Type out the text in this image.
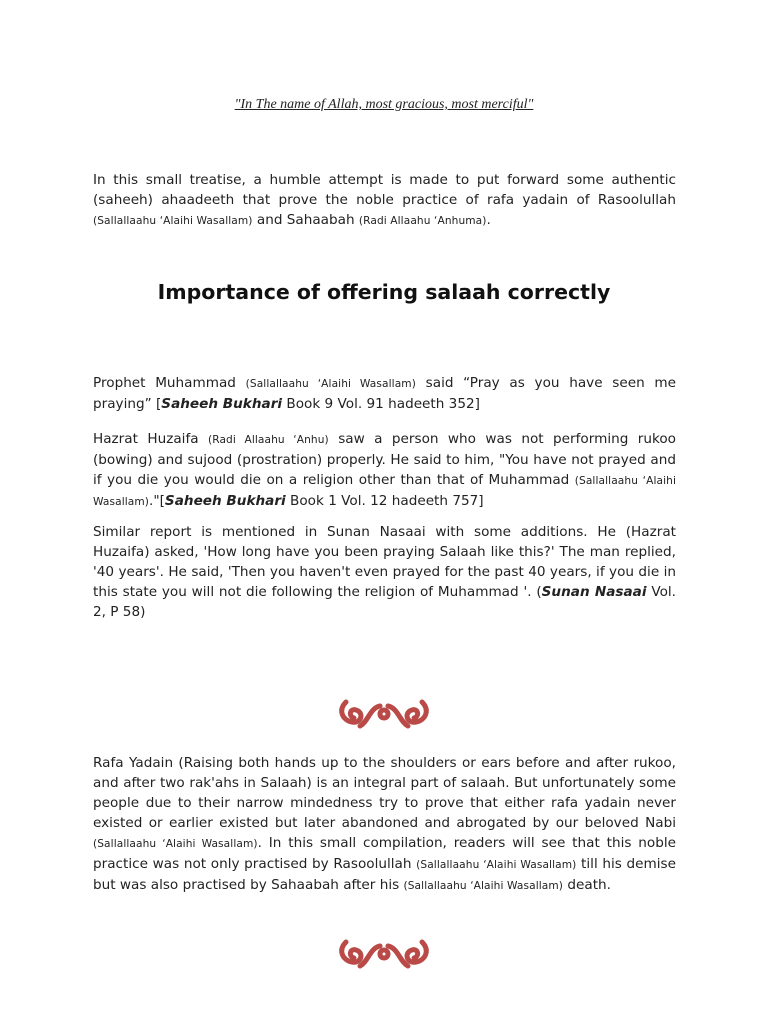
"In The name of Allah, most gracious, most merciful"

In this small treatise, a humble attempt is made to put forward some authentic (saheeh) ahaadeeth that prove the noble practice of rafa yadain of Rasoolullah (Sallallaahu ‘Alaihi Wasallam) and Sahaabah (Radi Allaahu ‘Anhuma).

Importance of offering salaah correctly

Prophet Muhammad (Sallallaahu ‘Alaihi Wasallam) said “Pray as you have seen me praying” [Saheeh Bukhari Book 9 Vol. 91 hadeeth 352]

Hazrat Huzaifa (Radi Allaahu ‘Anhu) saw a person who was not performing rukoo (bowing) and sujood (prostration) properly. He said to him, "You have not prayed and if you die you would die on a religion other than that of Muhammad (Sallallaahu ‘Alaihi Wasallam)."[Saheeh Bukhari Book 1 Vol. 12 hadeeth 757]

Similar report is mentioned in Sunan Nasaai with some additions. He (Hazrat Huzaifa) asked, 'How long have you been praying Salaah like this?' The man replied, '40 years'. He said, 'Then you haven't even prayed for the past 40 years, if you die in this state you will not die following the religion of Muhammad '. (Sunan Nasaai Vol. 2, P 58)

Rafa Yadain (Raising both hands up to the shoulders or ears before and after rukoo, and after two rak'ahs in Salaah) is an integral part of salaah. But unfortunately some people due to their narrow mindedness try to prove that either rafa yadain never existed or earlier existed but later abandoned and abrogated by our beloved Nabi (Sallallaahu ‘Alaihi Wasallam). In this small compilation, readers will see that this noble practice was not only practised by Rasoolullah (Sallallaahu ‘Alaihi Wasallam) till his demise but was also practised by Sahaabah after his (Sallallaahu ‘Alaihi Wasallam) death.
